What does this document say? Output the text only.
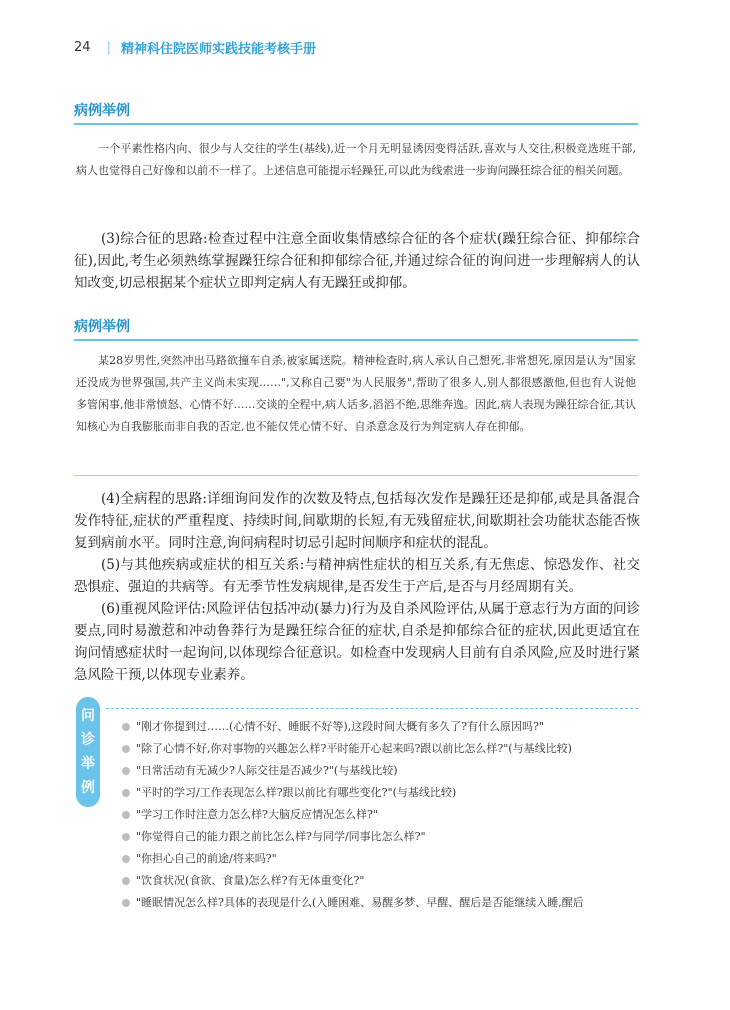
24 | 精神科住院医师实践技能考核手册
病例举例

一个平素性格内向、很少与人交往的学生(基线),近一个月无明显诱因变得活跃,喜欢与人交往,积极竞选班干部,病人也觉得自己好像和以前不一样了。上述信息可能提示轻躁狂,可以此为线索进一步询问躁狂综合征的相关问题。

(3)综合征的思路:检查过程中注意全面收集情感综合征的各个症状(躁狂综合征、抑郁综合征),因此,考生必须熟练掌握躁狂综合征和抑郁综合征,并通过综合征的询问进一步理解病人的认知改变,切忌根据某个症状立即判定病人有无躁狂或抑郁。

病例举例

某28岁男性,突然冲出马路欲撞车自杀,被家属送院。精神检查时,病人承认自己想死,非常想死,原因是认为"国家还没成为世界强国,共产主义尚未实现……",又称自己要"为人民服务",帮助了很多人,别人都很感激他,但也有人说他多管闲事,他非常愤怒、心情不好……交谈的全程中,病人话多,滔滔不绝,思维奔逸。因此,病人表现为躁狂综合征,其认知核心为自我膨胀而非自我的否定,也不能仅凭心情不好、自杀意念及行为判定病人存在抑郁。

(4)全病程的思路:详细询问发作的次数及特点,包括每次发作是躁狂还是抑郁,或是具备混合发作特征,症状的严重程度、持续时间,间歇期的长短,有无残留症状,间歇期社会功能状态能否恢复到病前水平。同时注意,询问病程时切忌引起时间顺序和症状的混乱。

(5)与其他疾病或症状的相互关系:与精神病性症状的相互关系,有无焦虑、惊恐发作、社交恐惧症、强迫的共病等。有无季节性发病规律,是否发生于产后,是否与月经周期有关。

(6)重视风险评估:风险评估包括冲动(暴力)行为及自杀风险评估,从属于意志行为方面的问诊要点,同时易激惹和冲动鲁莽行为是躁狂综合征的症状,自杀是抑郁综合征的症状,因此更适宜在询问情感症状时一起询问,以体现综合征意识。如检查中发现病人目前有自杀风险,应及时进行紧急风险干预,以体现专业素养。

问
诊
举
例
"刚才你提到过……(心情不好、睡眠不好等),这段时间大概有多久了?有什么原因吗?"
"除了心情不好,你对事物的兴趣怎么样?平时能开心起来吗?跟以前比怎么样?"(与基线比较)
"日常活动有无减少?人际交往是否减少?"(与基线比较)
"平时的学习/工作表现怎么样?跟以前比有哪些变化?"(与基线比较)
"学习工作时注意力怎么样?大脑反应情况怎么样?"
"你觉得自己的能力跟之前比怎么样?与同学/同事比怎么样?"
"你担心自己的前途/将来吗?"
"饮食状况(食欲、食量)怎么样?有无体重变化?"
"睡眠情况怎么样?具体的表现是什么(入睡困难、易醒多梦、早醒、醒后是否能继续入睡,醒后
